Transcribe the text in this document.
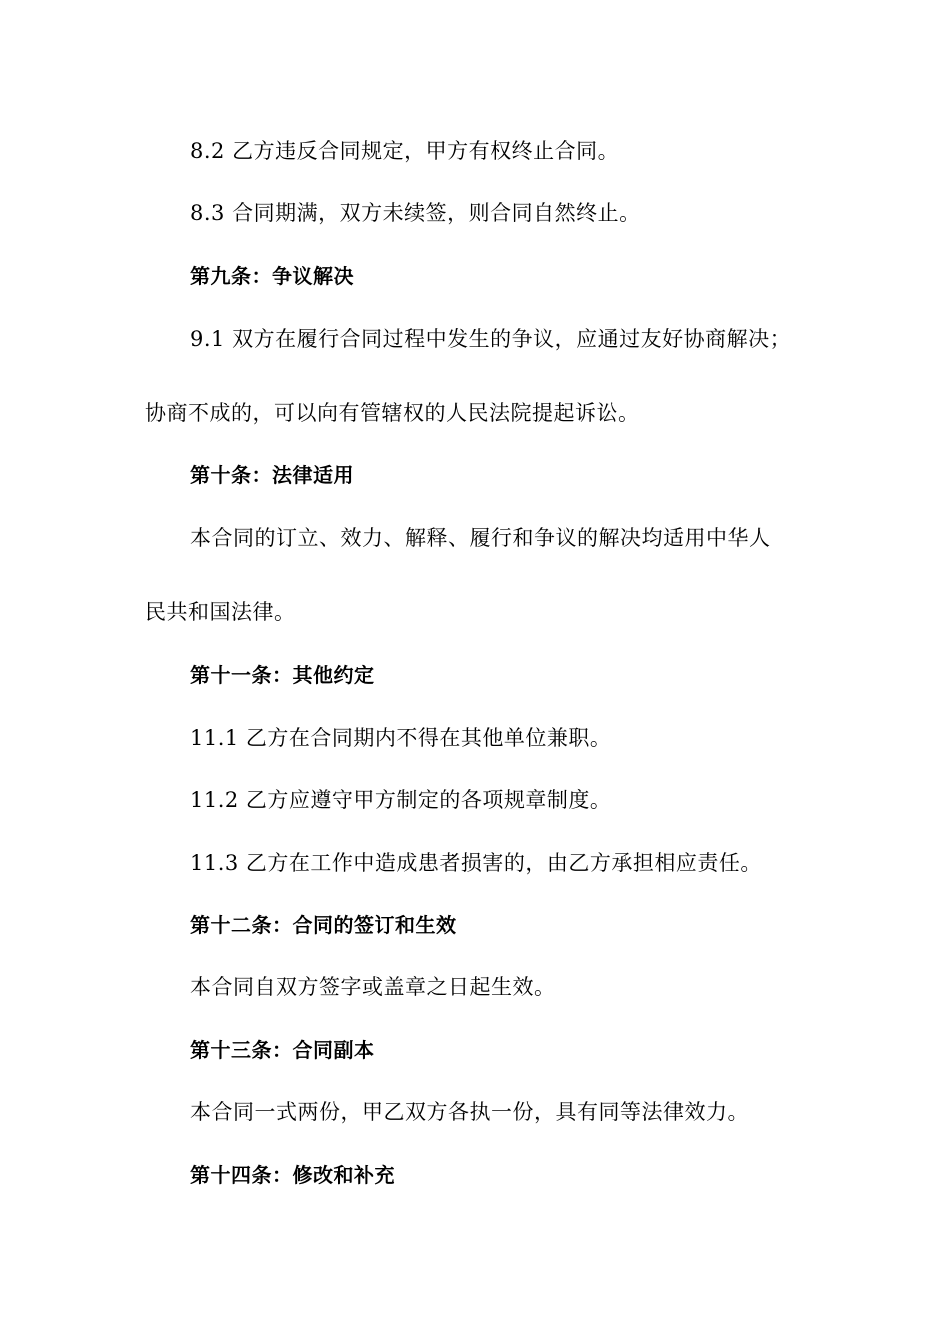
8.2 乙方违反合同规定，甲方有权终止合同。
8.3 合同期满，双方未续签，则合同自然终止。
第九条：争议解决
9.1 双方在履行合同过程中发生的争议，应通过友好协商解决；
协商不成的，可以向有管辖权的人民法院提起诉讼。
第十条：法律适用
本合同的订立、效力、解释、履行和争议的解决均适用中华人
民共和国法律。
第十一条：其他约定
11.1 乙方在合同期内不得在其他单位兼职。
11.2 乙方应遵守甲方制定的各项规章制度。
11.3 乙方在工作中造成患者损害的，由乙方承担相应责任。
第十二条：合同的签订和生效
本合同自双方签字或盖章之日起生效。
第十三条：合同副本
本合同一式两份，甲乙双方各执一份，具有同等法律效力。
第十四条：修改和补充
